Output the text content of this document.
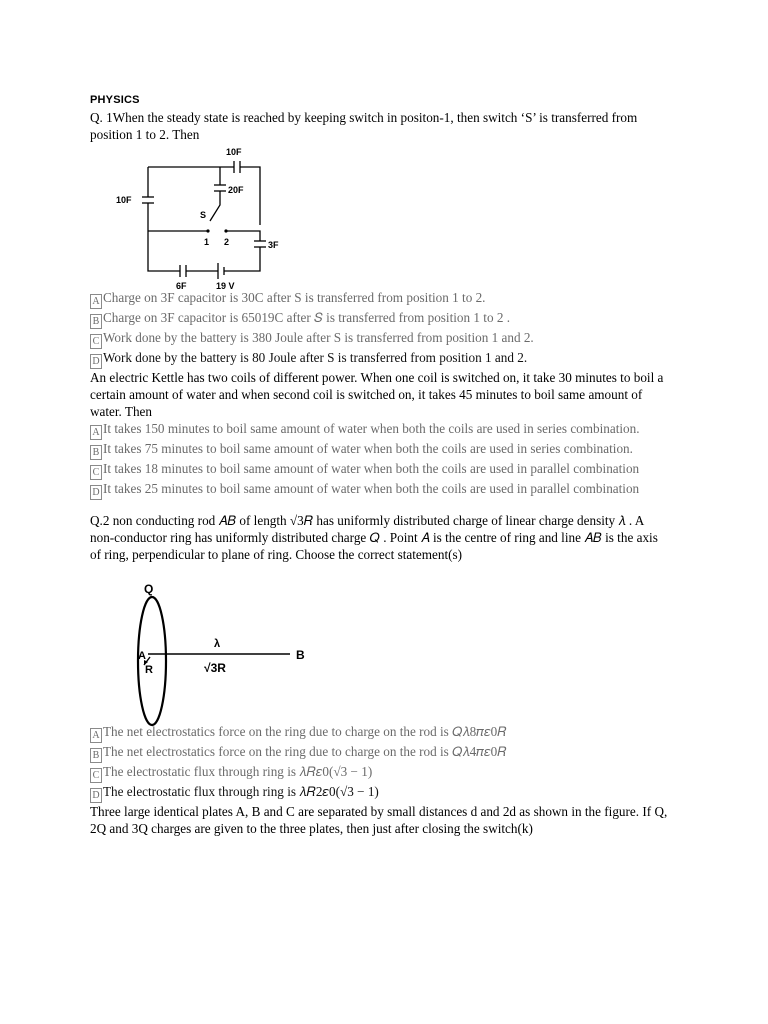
PHYSICS

Q. 1When the steady state is reached by keeping switch in positon-1, then switch ‘S’ is transferred from position 1 to 2. Then

10F
10F
20F
S
1 2	3F
6F	19 V

A Charge on 3F capacitor is 30C after S is transferred from position 1 to 2.

B Charge on 3F capacitor is 65019C after 𝑆 is transferred from position 1 to 2 .

C Work done by the battery is 380 Joule after S is transferred from position 1 and 2.

D Work done by the battery is 80 Joule after S is transferred from position 1 and 2.

An electric Kettle has two coils of different power. When one coil is switched on, it take 30 minutes to boil a certain amount of water and when second coil is switched on, it takes 45 minutes to boil same amount of water. Then

A It takes 150 minutes to boil same amount of water when both the coils are used in series combination.

B It takes 75 minutes to boil same amount of water when both the coils are used in series combination.

C It takes 18 minutes to boil same amount of water when both the coils are used in parallel combination

D It takes 25 minutes to boil same amount of water when both the coils are used in parallel combination

Q.2 non conducting rod 𝐴𝐵 of length √3𝑅 has uniformly distributed charge of linear charge density 𝜆 . A non-conductor ring has uniformly distributed charge 𝑄 . Point 𝐴 is the centre of ring and line 𝐴𝐵 is the axis of ring, perpendicular to plane of ring. Choose the correct statement(s)

Q
A
R
λ
√3R
B

A The net electrostatics force on the ring due to charge on the rod is 𝑄𝜆8𝜋𝜀0𝑅

B The net electrostatics force on the ring due to charge on the rod is 𝑄𝜆4𝜋𝜀0𝑅

C The electrostatic flux through ring is 𝜆𝑅𝜀0(√3 − 1)

D The electrostatic flux through ring is 𝜆𝑅2𝜀0(√3 − 1)

Three large identical plates A, B and C are separated by small distances d and 2d as shown in the figure. If Q, 2Q and 3Q charges are given to the three plates, then just after closing the switch(k)
